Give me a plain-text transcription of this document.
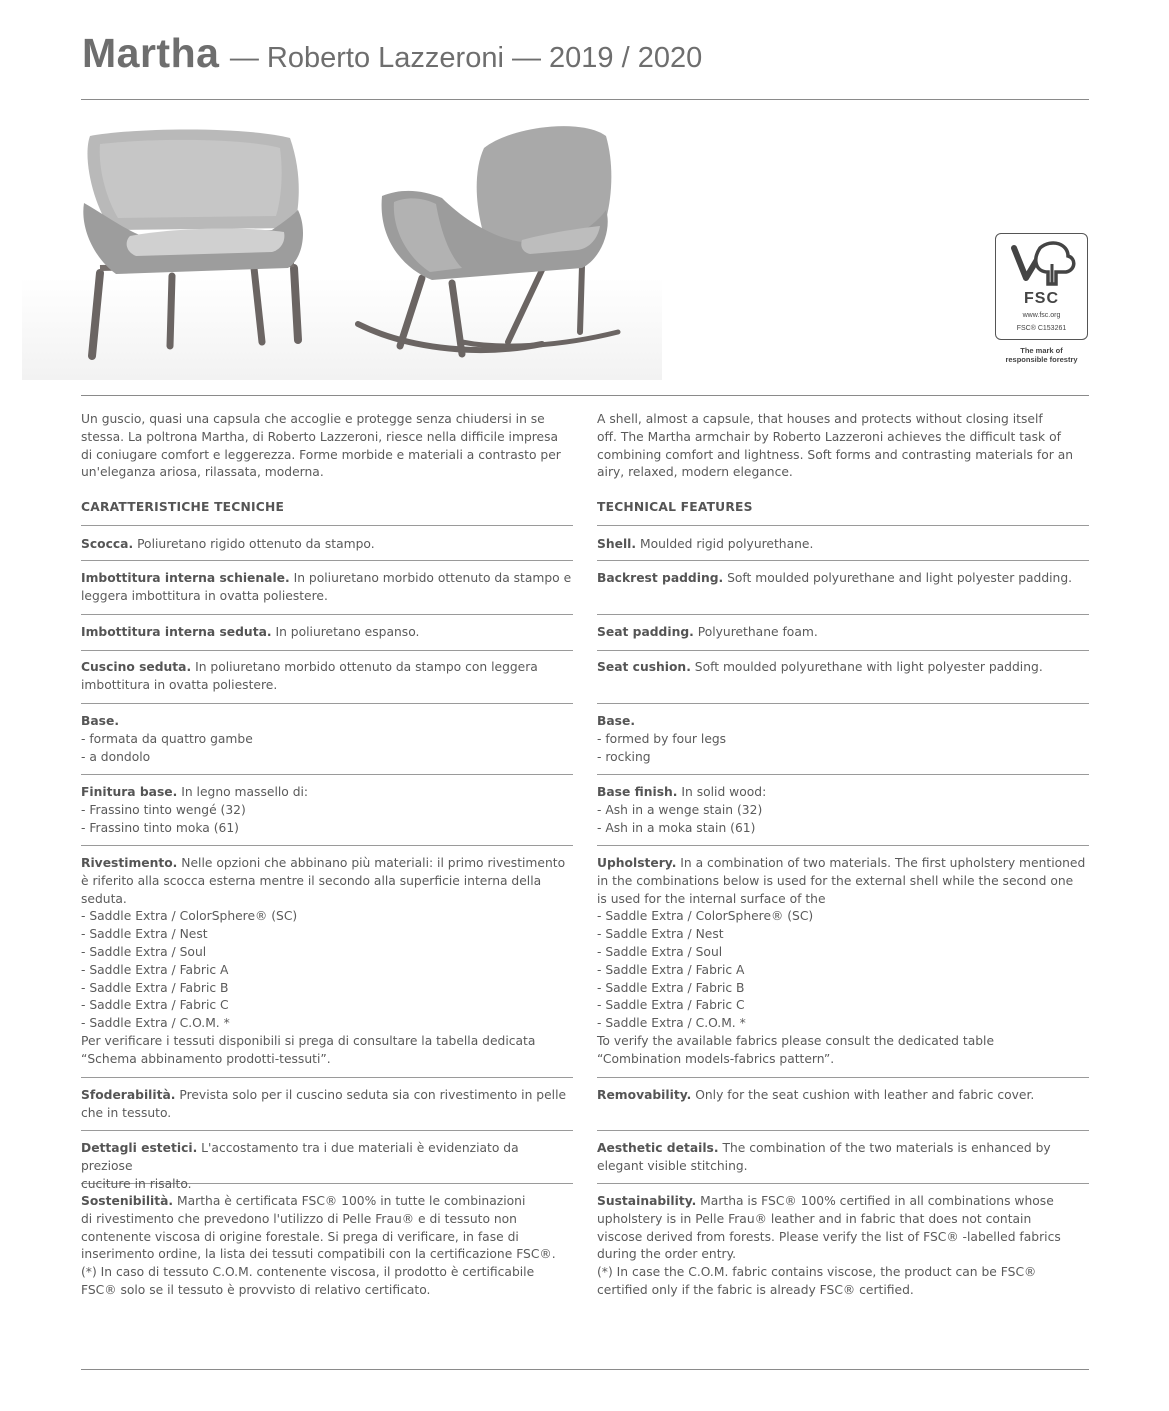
Martha — Roberto Lazzeroni — 2019 / 2020
FSC
www.fsc.org
FSC® C153261
The mark of
responsible forestry

Un guscio, quasi una capsula che accoglie e protegge senza chiudersi in se
stessa. La poltrona Martha, di Roberto Lazzeroni, riesce nella difficile impresa
di coniugare comfort e leggerezza. Forme morbide e materiali a contrasto per
un'eleganza ariosa, rilassata, moderna.

CARATTERISTICHE TECNICHE

A shell, almost a capsule, that houses and protects without closing itself
off. The Martha armchair by Roberto Lazzeroni achieves the difficult task of
combining comfort and lightness. Soft forms and contrasting materials for an
airy, relaxed, modern elegance.

TECHNICAL FEATURES

Scocca. Poliuretano rigido ottenuto da stampo.

Imbottitura interna schienale. In poliuretano morbido ottenuto da stampo e
leggera imbottitura in ovatta poliestere.

Imbottitura interna seduta. In poliuretano espanso.

Cuscino seduta. In poliuretano morbido ottenuto da stampo con leggera
imbottitura in ovatta poliestere.

Base.
- formata da quattro gambe
- a dondolo

Finitura base. In legno massello di:
- Frassino tinto wengé (32)
- Frassino tinto moka (61)

Rivestimento. Nelle opzioni che abbinano più materiali: il primo rivestimento
è riferito alla scocca esterna mentre il secondo alla superficie interna della
seduta.
- Saddle Extra / ColorSphere® (SC)
- Saddle Extra / Nest
- Saddle Extra / Soul
- Saddle Extra / Fabric A
- Saddle Extra / Fabric B
- Saddle Extra / Fabric C
- Saddle Extra / C.O.M. *
Per verificare i tessuti disponibili si prega di consultare la tabella dedicata
“Schema abbinamento prodotti-tessuti”.

Sfoderabilità. Prevista solo per il cuscino seduta sia con rivestimento in pelle
che in tessuto.

Dettagli estetici. L'accostamento tra i due materiali è evidenziato da preziose
cuciture in risalto.

Sostenibilità. Martha è certificata FSC® 100% in tutte le combinazioni
di rivestimento che prevedono l'utilizzo di Pelle Frau® e di tessuto non
contenente viscosa di origine forestale. Si prega di verificare, in fase di
inserimento ordine, la lista dei tessuti compatibili con la certificazione FSC®.
(*) In caso di tessuto C.O.M. contenente viscosa, il prodotto è certificabile
FSC® solo se il tessuto è provvisto di relativo certificato.

Shell. Moulded rigid polyurethane.

Backrest padding. Soft moulded polyurethane and light polyester padding.

Seat padding. Polyurethane foam.

Seat cushion. Soft moulded polyurethane with light polyester padding.

Base.
- formed by four legs
- rocking

Base finish. In solid wood:
- Ash in a wenge stain (32)
- Ash in a moka stain (61)

Upholstery. In a combination of two materials. The first upholstery mentioned
in the combinations below is used for the external shell while the second one
is used for the internal surface of the
- Saddle Extra / ColorSphere® (SC)
- Saddle Extra / Nest
- Saddle Extra / Soul
- Saddle Extra / Fabric A
- Saddle Extra / Fabric B
- Saddle Extra / Fabric C
- Saddle Extra / C.O.M. *
To verify the available fabrics please consult the dedicated table
“Combination models-fabrics pattern”.

Removability. Only for the seat cushion with leather and fabric cover.

Aesthetic details. The combination of the two materials is enhanced by
elegant visible stitching.

Sustainability. Martha is FSC® 100% certified in all combinations whose
upholstery is in Pelle Frau® leather and in fabric that does not contain
viscose derived from forests. Please verify the list of FSC® -labelled fabrics
during the order entry.
(*) In case the C.O.M. fabric contains viscose, the product can be FSC®
certified only if the fabric is already FSC® certified.
